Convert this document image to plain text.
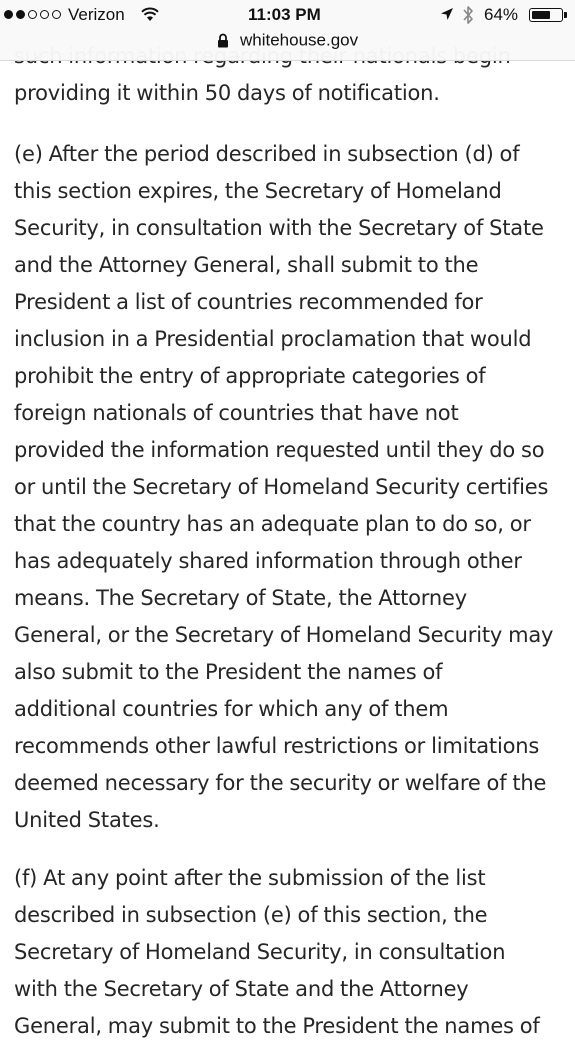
providing it within 50 days of notification.
(e) After the period described in subsection (d) of
this section expires, the Secretary of Homeland
Security, in consultation with the Secretary of State
and the Attorney General, shall submit to the
President a list of countries recommended for
inclusion in a Presidential proclamation that would
prohibit the entry of appropriate categories of
foreign nationals of countries that have not
provided the information requested until they do so
or until the Secretary of Homeland Security certifies
that the country has an adequate plan to do so, or
has adequately shared information through other
means. The Secretary of State, the Attorney
General, or the Secretary of Homeland Security may
also submit to the President the names of
additional countries for which any of them
recommends other lawful restrictions or limitations
deemed necessary for the security or welfare of the
United States.
(f) At any point after the submission of the list
described in subsection (e) of this section, the
Secretary of Homeland Security, in consultation
with the Secretary of State and the Attorney
General, may submit to the President the names of
Verizon	11:03 PM	64%
whitehouse.gov
